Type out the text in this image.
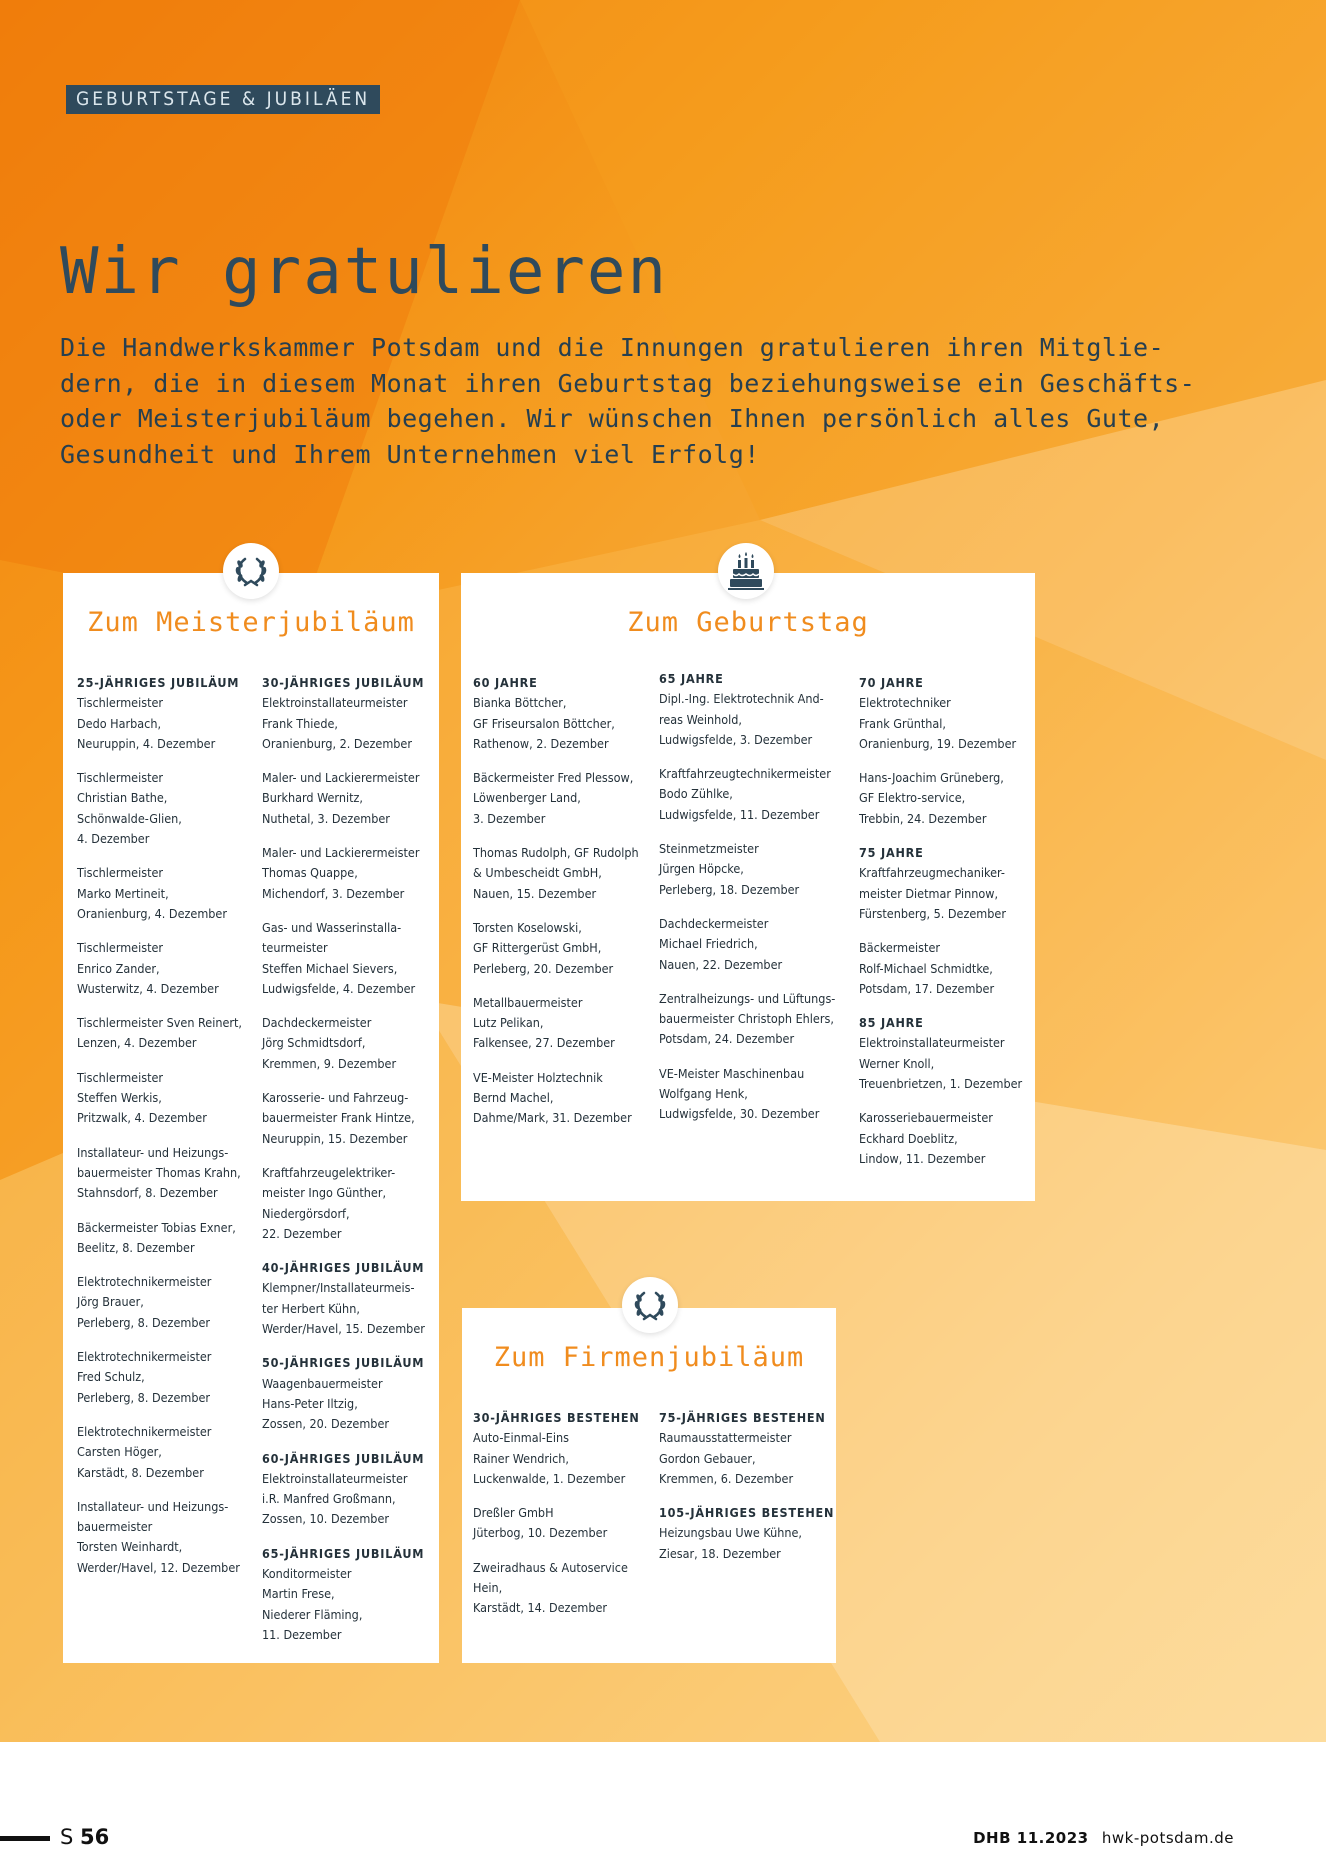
GEBURTSTAGE & JUBILÄEN
Wir gratulieren

Die Handwerkskammer Potsdam und die Innungen gratulieren ihren Mitglie-
dern, die in diesem Monat ihren Geburtstag beziehungsweise ein Geschäfts-
oder Meisterjubiläum begehen. Wir wünschen Ihnen persönlich alles Gute,
Gesundheit und Ihrem Unternehmen viel Erfolg!

Zum Meisterjubiläum
25-JÄHRIGES JUBILÄUM
Tischlermeister
Dedo Harbach,
Neuruppin, 4. Dezember
Tischlermeister
Christian Bathe,
Schönwalde-Glien,
4. Dezember
Tischlermeister
Marko Mertineit,
Oranienburg, 4. Dezember
Tischlermeister
Enrico Zander,
Wusterwitz, 4. Dezember
Tischlermeister Sven Reinert,
Lenzen, 4. Dezember
Tischlermeister
Steffen Werkis,
Pritzwalk, 4. Dezember
Installateur- und Heizungs-
bauermeister Thomas Krahn,
Stahnsdorf, 8. Dezember
Bäckermeister Tobias Exner,
Beelitz, 8. Dezember
Elektrotechnikermeister
Jörg Brauer,
Perleberg, 8. Dezember
Elektrotechnikermeister
Fred Schulz,
Perleberg, 8. Dezember
Elektrotechnikermeister
Carsten Höger,
Karstädt, 8. Dezember
Installateur- und Heizungs-
bauermeister
Torsten Weinhardt,
Werder/Havel, 12. Dezember
30-JÄHRIGES JUBILÄUM
Elektroinstallateurmeister
Frank Thiede,
Oranienburg, 2. Dezember
Maler- und Lackierermeister
Burkhard Wernitz,
Nuthetal, 3. Dezember
Maler- und Lackierermeister
Thomas Quappe,
Michendorf, 3. Dezember
Gas- und Wasserinstalla-
teurmeister
Steffen Michael Sievers,
Ludwigsfelde, 4. Dezember
Dachdeckermeister
Jörg Schmidtsdorf,
Kremmen, 9. Dezember
Karosserie- und Fahrzeug-
bauermeister Frank Hintze,
Neuruppin, 15. Dezember
Kraftfahrzeugelektriker-
meister Ingo Günther,
Niedergörsdorf,
22. Dezember
40-JÄHRIGES JUBILÄUM
Klempner/Installateurmeis-
ter Herbert Kühn,
Werder/Havel, 15. Dezember
50-JÄHRIGES JUBILÄUM
Waagenbauermeister
Hans-Peter Iltzig,
Zossen, 20. Dezember
60-JÄHRIGES JUBILÄUM
Elektroinstallateurmeister
i.R. Manfred Großmann,
Zossen, 10. Dezember
65-JÄHRIGES JUBILÄUM
Konditormeister
Martin Frese,
Niederer Fläming,
11. Dezember
Zum Geburtstag
60 JAHRE
Bianka Böttcher,
GF Friseursalon Böttcher,
Rathenow, 2. Dezember
Bäckermeister Fred Plessow,
Löwenberger Land,
3. Dezember
Thomas Rudolph, GF Rudolph
& Umbescheidt GmbH,
Nauen, 15. Dezember
Torsten Koselowski,
GF Rittergerüst GmbH,
Perleberg, 20. Dezember
Metallbauermeister
Lutz Pelikan,
Falkensee, 27. Dezember
VE-Meister Holztechnik
Bernd Machel,
Dahme/Mark, 31. Dezember
65 JAHRE
Dipl.-Ing. Elektrotechnik And-
reas Weinhold,
Ludwigsfelde, 3. Dezember
Kraftfahrzeugtechnikermeister
Bodo Zühlke,
Ludwigsfelde, 11. Dezember
Steinmetzmeister
Jürgen Höpcke,
Perleberg, 18. Dezember
Dachdeckermeister
Michael Friedrich,
Nauen, 22. Dezember
Zentralheizungs- und Lüftungs-
bauermeister Christoph Ehlers,
Potsdam, 24. Dezember
VE-Meister Maschinenbau
Wolfgang Henk,
Ludwigsfelde, 30. Dezember
70 JAHRE
Elektrotechniker
Frank Grünthal,
Oranienburg, 19. Dezember
Hans-Joachim Grüneberg,
GF Elektro-service,
Trebbin, 24. Dezember
75 JAHRE
Kraftfahrzeugmechaniker-
meister Dietmar Pinnow,
Fürstenberg, 5. Dezember
Bäckermeister
Rolf-Michael Schmidtke,
Potsdam, 17. Dezember
85 JAHRE
Elektroinstallateurmeister
Werner Knoll,
Treuenbrietzen, 1. Dezember
Karosseriebauermeister
Eckhard Doeblitz,
Lindow, 11. Dezember
Zum Firmenjubiläum
30-JÄHRIGES BESTEHEN
Auto-Einmal-Eins
Rainer Wendrich,
Luckenwalde, 1. Dezember
Dreßler GmbH
Jüterbog, 10. Dezember
Zweiradhaus & Autoservice
Hein,
Karstädt, 14. Dezember
75-JÄHRIGES BESTEHEN
Raumausstattermeister
Gordon Gebauer,
Kremmen, 6. Dezember
105-JÄHRIGES BESTEHEN
Heizungsbau Uwe Kühne,
Ziesar, 18. Dezember
S 56	DHB 11.2023 hwk-potsdam.de
